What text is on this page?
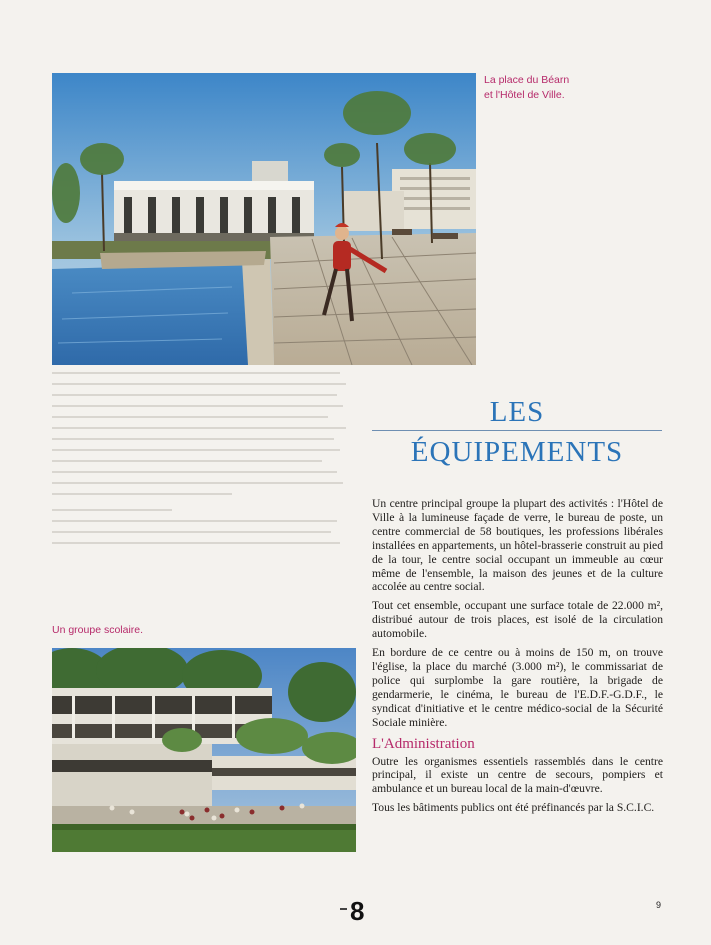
La place du Béarn
et l'Hôtel de Ville.
LES
ÉQUIPEMENTS

Un centre principal groupe la plupart des activités : l'Hôtel de Ville à la lumineuse façade de verre, le bureau de poste, un centre commercial de 58 boutiques, les professions libérales installées en appartements, un hôtel-brasserie construit au pied de la tour, le centre social occupant un immeuble au cœur même de l'ensemble, la maison des jeunes et de la culture accolée au centre social.

Tout cet ensemble, occupant une surface totale de 22.000 m², distribué autour de trois places, est isolé de la circulation automobile.

En bordure de ce centre ou à moins de 150 m, on trouve l'église, la place du marché (3.000 m²), le commissariat de police qui surplombe la gare routière, la brigade de gendarmerie, le cinéma, le bureau de l'E.D.F.-G.D.F., le syndicat d'initiative et le centre médico-social de la Sécurité Sociale minière.

L'Administration

Outre les organismes essentiels rassemblés dans le centre principal, il existe un centre de secours, pompiers et ambulance et un bureau local de la main-d'œuvre.

Tous les bâtiments publics ont été préfinancés par la S.C.I.C.

Un groupe scolaire.
8	9
